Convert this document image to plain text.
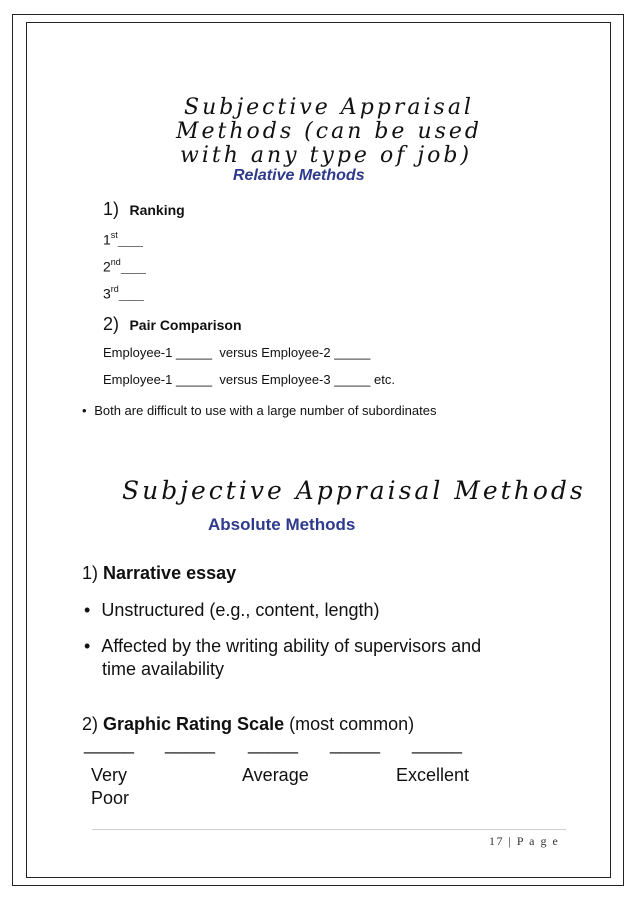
Subjective Appraisal
Methods (can be used
with any type of job)
Relative Methods
1) Ranking
1st_____
2nd_____
3rd_____
2) Pair Comparison
Employee-1 _____  versus Employee-2 _____
Employee-1 _____  versus Employee-3 _____ etc.
• Both are difficult to use with a large number of subordinates
Subjective Appraisal Methods
Absolute Methods
1) Narrative essay
• Unstructured (e.g., content, length)
• Affected by the writing ability of supervisors and
time availability
2) Graphic Rating Scale (most common)
_____ _____ _____ _____ _____
Very	Average	Excellent
Poor
17 | P a g e
